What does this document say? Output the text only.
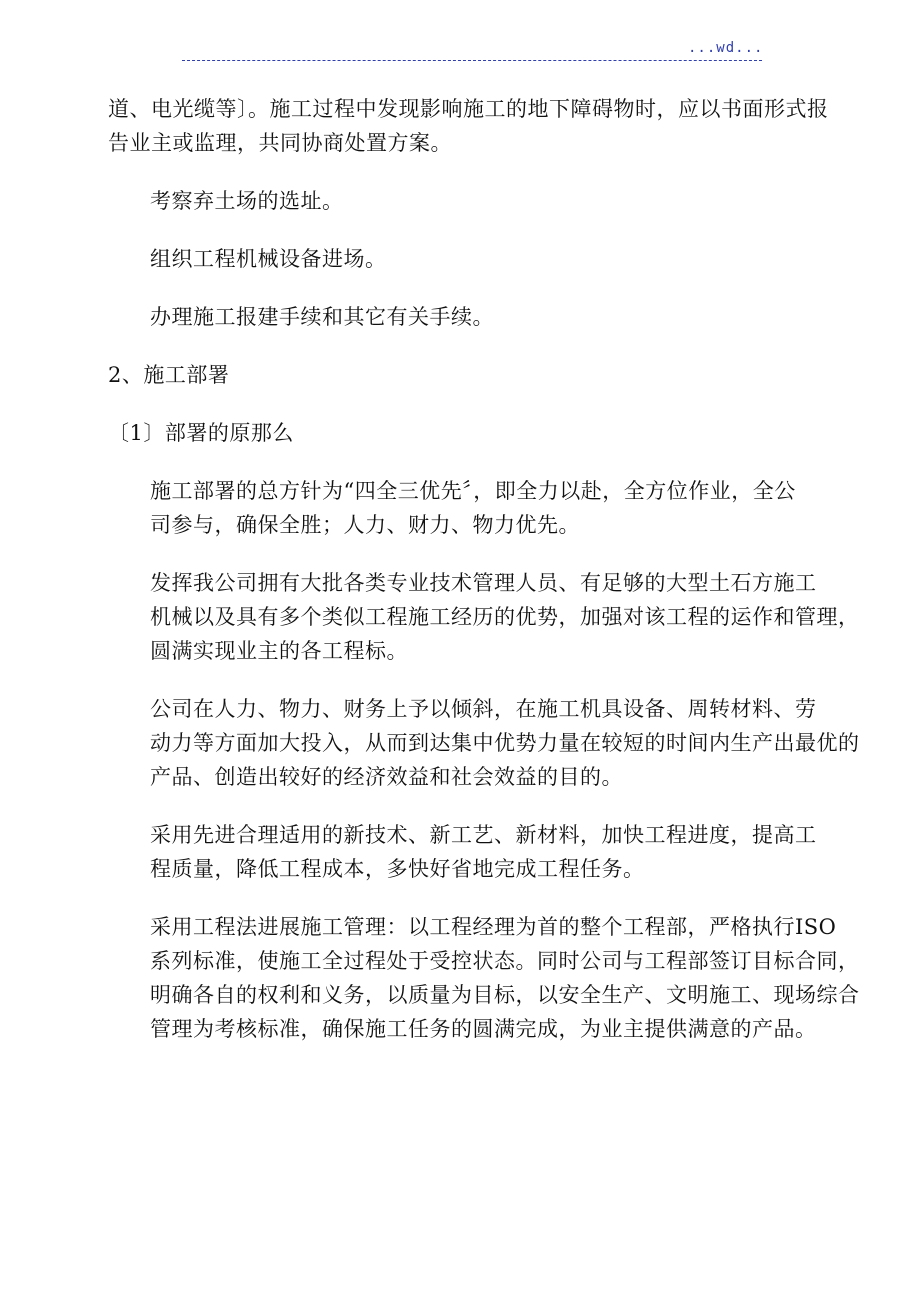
...wd...

道、电光缆等〕。施工过程中发现影响施工的地下障碍物时，应以书面形式报
告业主或监理，共同协商处置方案。

考察弃土场的选址。

组织工程机械设备进场。

办理施工报建手续和其它有关手续。

2、施工部署

〔1〕部署的原那么

施工部署的总方针为“四全三优先〞，即全力以赴，全方位作业，全公
司参与，确保全胜；人力、财力、物力优先。

发挥我公司拥有大批各类专业技术管理人员、有足够的大型土石方施工
机械以及具有多个类似工程施工经历的优势，加强对该工程的运作和管理，
圆满实现业主的各工程标。

公司在人力、物力、财务上予以倾斜，在施工机具设备、周转材料、劳
动力等方面加大投入，从而到达集中优势力量在较短的时间内生产出最优的
产品、创造出较好的经济效益和社会效益的目的。

采用先进合理适用的新技术、新工艺、新材料，加快工程进度，提高工
程质量，降低工程成本，多快好省地完成工程任务。

采用工程法进展施工管理：以工程经理为首的整个工程部，严格执行ISO
系列标准，使施工全过程处于受控状态。同时公司与工程部签订目标合同，
明确各自的权利和义务，以质量为目标，以安全生产、文明施工、现场综合
管理为考核标准，确保施工任务的圆满完成，为业主提供满意的产品。
